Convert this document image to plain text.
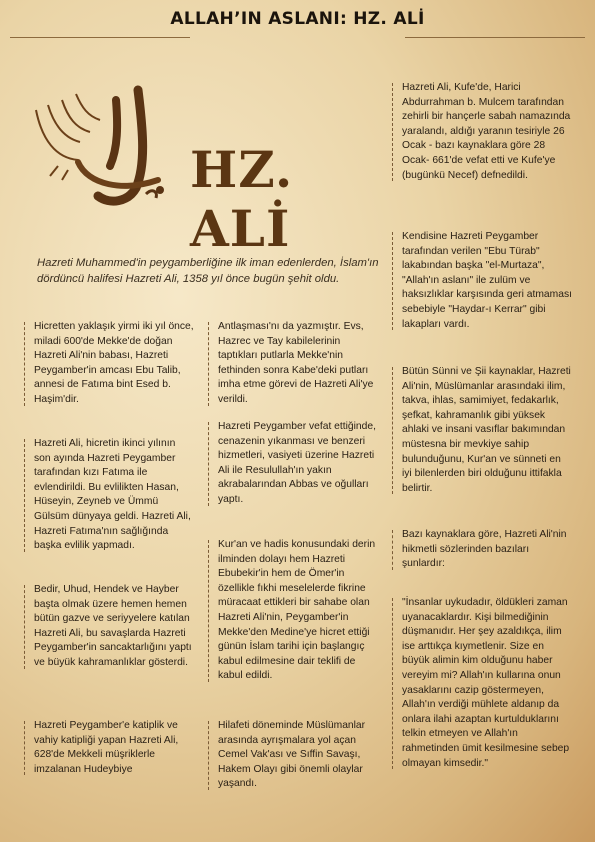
ALLAH’IN ASLANI: HZ. ALİ
HZ. ALİ
Hazreti Muhammed'in peygamberliğine ilk iman edenlerden, İslam'ın dördüncü halifesi Hazreti Ali, 1358 yıl önce bugün şehit oldu.
Hicretten yaklaşık yirmi iki yıl önce, miladi 600'de Mekke'de doğan Hazreti Ali'nin babası, Hazreti Peygamber'in amcası Ebu Talib, annesi de Fatıma bint Esed b. Haşim'dir.
Hazreti Ali, hicretin ikinci yılının son ayında Hazreti Peygamber tarafından kızı Fatıma ile evlendirildi. Bu evlilikten Hasan, Hüseyin, Zeyneb ve Ümmü Gülsüm dünyaya geldi. Hazreti Ali, Hazreti Fatıma'nın sağlığında başka evlilik yapmadı.
Bedir, Uhud, Hendek ve Hayber başta olmak üzere hemen hemen bütün gazve ve seriyyelere katılan Hazreti Ali, bu savaşlarda Hazreti Peygamber'in sancaktarlığını yaptı ve büyük kahramanlıklar gösterdi.
Hazreti Peygamber'e katiplik ve vahiy katipliği yapan Hazreti Ali, 628'de Mekkeli müşriklerle imzalanan Hudeybiye
Antlaşması'nı da yazmıştır. Evs, Hazrec ve Tay kabilelerinin taptıkları putlarla Mekke'nin fethinden sonra Kabe'deki putları imha etme görevi de Hazreti Ali'ye verildi.
Hazreti Peygamber vefat ettiğinde, cenazenin yıkanması ve benzeri hizmetleri, vasiyeti üzerine Hazreti Ali ile Resulullah'ın yakın akrabalarından Abbas ve oğulları yaptı.
Kur'an ve hadis konusundaki derin ilminden dolayı hem Hazreti Ebubekir'in hem de Ömer'in özellikle fıkhi meselelerde fikrine müracaat ettikleri bir sahabe olan Hazreti Ali'nin, Peygamber'in Mekke'den Medine'ye hicret ettiği günün İslam tarihi için başlangıç kabul edilmesine dair teklifi de kabul edildi.
Hilafeti döneminde Müslümanlar arasında ayrışmalara yol açan Cemel Vak'ası ve Sıffin Savaşı, Hakem Olayı gibi önemli olaylar yaşandı.
Hazreti Ali, Kufe'de, Harici Abdurrahman b. Mulcem tarafından zehirli bir hançerle sabah namazında yaralandı, aldığı yaranın tesiriyle 26 Ocak - bazı kaynaklara göre 28 Ocak- 661'de vefat etti ve Kufe'ye (bugünkü Necef) defnedildi.
Kendisine Hazreti Peygamber tarafından verilen "Ebu Türab" lakabından başka "el-Murtaza", "Allah'ın aslanı" ile zulüm ve haksızlıklar karşısında geri atmaması sebebiyle "Haydar-ı Kerrar" gibi lakapları vardı.
Bütün Sünni ve Şii kaynaklar, Hazreti Ali'nin, Müslümanlar arasındaki ilim, takva, ihlas, samimiyet, fedakarlık, şefkat, kahramanlık gibi yüksek ahlaki ve insani vasıflar bakımından müstesna bir mevkiye sahip bulunduğunu, Kur'an ve sünneti en iyi bilenlerden biri olduğunu ittifakla belirtir.
Bazı kaynaklara göre, Hazreti Ali'nin hikmetli sözlerinden bazıları şunlardır:
"İnsanlar uykudadır, öldükleri zaman uyanacaklardır. Kişi bilmediğinin düşmanıdır. Her şey azaldıkça, ilim ise arttıkça kıymetlenir. Size en büyük alimin kim olduğunu haber vereyim mi? Allah'ın kullarına onun yasaklarını cazip göstermeyen, Allah'ın verdiği mühlete aldanıp da onlara ilahi azaptan kurtulduklarını telkin etmeyen ve Allah'ın rahmetinden ümit kesilmesine sebep olmayan kimsedir."
